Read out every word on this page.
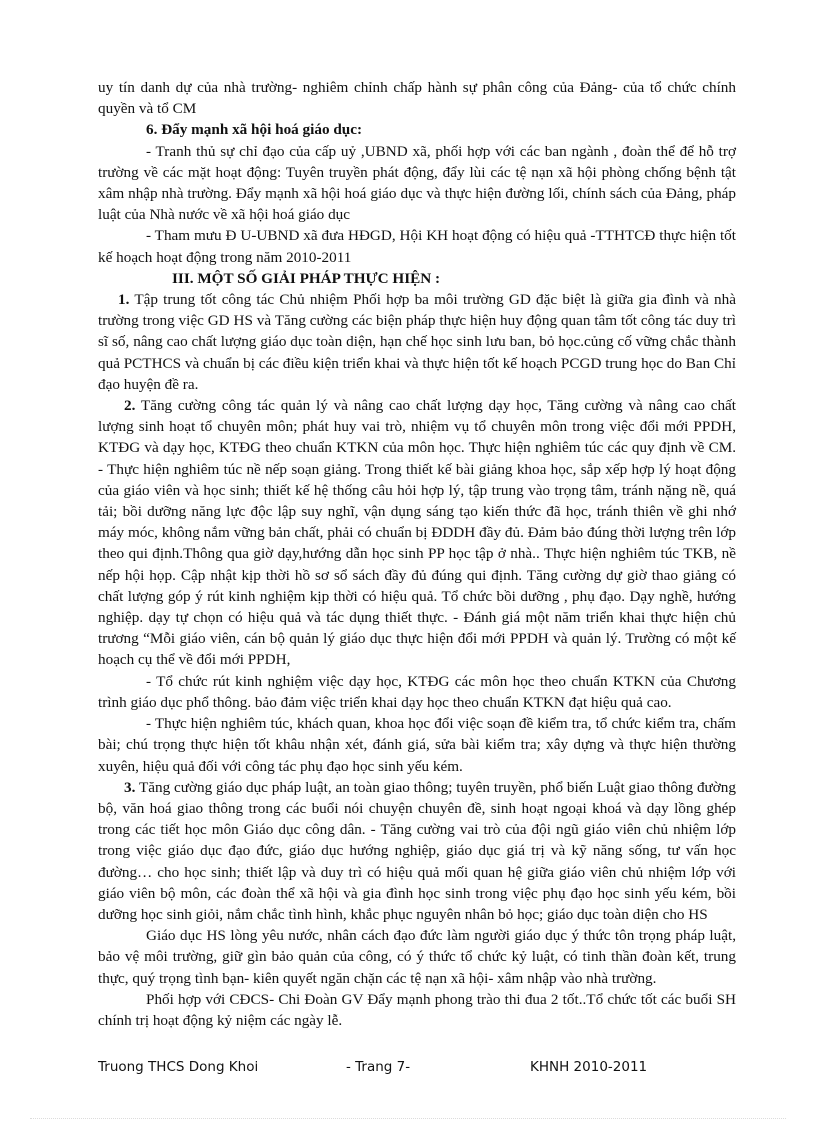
uy tín danh dự của nhà trường- nghiêm chỉnh chấp hành sự phân công của Đảng- của tổ chức chính quyền và tổ CM

6. Đẩy mạnh xã hội hoá giáo dục:

- Tranh thủ sự chỉ đạo của cấp uỷ ,UBND xã, phối hợp với các ban ngành , đoàn thể để hỗ trợ trường về các mặt hoạt động: Tuyên truyền phát động, đẩy lùi các tệ nạn xã hội phòng chống bệnh tật xâm nhập nhà trường. Đẩy mạnh xã hội hoá giáo dục và thực hiện đường lối, chính sách của Đảng, pháp luật của Nhà nước về xã hội hoá giáo dục

- Tham mưu Đ U-UBND xã đưa HĐGD, Hội KH hoạt động có hiệu quả -TTHTCĐ thực hiện tốt kế hoạch hoạt động trong năm 2010-2011

III. MỘT SỐ GIẢI PHÁP THỰC HIỆN :

1. Tập trung tốt công tác Chủ nhiệm Phối hợp ba môi trường GD đặc biệt là giữa gia đình và nhà trường trong việc GD HS và Tăng cường các biện pháp thực hiện huy động quan tâm tốt công tác duy trì sĩ số, nâng cao chất lượng giáo dục toàn diện, hạn chế học sinh lưu ban, bỏ học.củng cố vững chắc thành quả PCTHCS và chuẩn bị các điều kiện triển khai và thực hiện tốt kế hoạch PCGD trung học do Ban Chỉ đạo huyện đề ra.

2. Tăng cường công tác quản lý và nâng cao chất lượng dạy học, Tăng cường và nâng cao chất lượng sinh hoạt tổ chuyên môn; phát huy vai trò, nhiệm vụ tổ chuyên môn trong việc đổi mới PPDH, KTĐG và dạy học, KTĐG theo chuẩn KTKN của môn học. Thực hiện nghiêm túc các quy định về CM. - Thực hiện nghiêm túc nề nếp soạn giảng. Trong thiết kế bài giảng khoa học, sắp xếp hợp lý hoạt động của giáo viên và học sinh; thiết kế hệ thống câu hỏi hợp lý, tập trung vào trọng tâm, tránh nặng nề, quá tải; bồi dưỡng năng lực độc lập suy nghĩ, vận dụng sáng tạo kiến thức đã học, tránh thiên về ghi nhớ máy móc, không nắm vững bản chất, phải có chuẩn bị ĐDDH đầy đủ. Đảm bảo đúng thời lượng trên lớp theo qui định.Thông qua giờ dạy,hướng dẫn học sinh PP học tập ở nhà.. Thực hiện nghiêm túc TKB, nề nếp hội họp. Cập nhật kịp thời hồ sơ sổ sách đầy đủ đúng qui định. Tăng cường dự giờ thao giảng có chất lượng góp ý rút kinh nghiệm kịp thời có hiệu quả. Tổ chức bồi dưỡng , phụ đạo. Dạy nghề, hướng nghiệp. dạy tự chọn có hiệu quả và tác dụng thiết thực. - Đánh giá một năm triển khai thực hiện chủ trương “Mỗi giáo viên, cán bộ quản lý giáo dục thực hiện đổi mới PPDH và quản lý. Trường có một kế hoạch cụ thể về đổi mới PPDH,

- Tổ chức rút kinh nghiệm việc dạy học, KTĐG các môn học theo chuẩn KTKN của Chương trình giáo dục phổ thông. bảo đảm việc triển khai dạy học theo chuẩn KTKN đạt hiệu quả cao.

- Thực hiện nghiêm túc, khách quan, khoa học đổi việc soạn đề kiểm tra, tổ chức kiểm tra, chấm bài; chú trọng thực hiện tốt khâu nhận xét, đánh giá, sửa bài kiểm tra; xây dựng và thực hiện thường xuyên, hiệu quả đối với công tác phụ đạo học sinh yếu kém.

3. Tăng cường giáo dục pháp luật, an toàn giao thông; tuyên truyền, phổ biến Luật giao thông đường bộ, văn hoá giao thông trong các buổi nói chuyện chuyên đề, sinh hoạt ngoại khoá và dạy lồng ghép trong các tiết học môn Giáo dục công dân. - Tăng cường vai trò của đội ngũ giáo viên chủ nhiệm lớp trong việc giáo dục đạo đức, giáo dục hướng nghiệp, giáo dục giá trị và kỹ năng sống, tư vấn học đường… cho học sinh; thiết lập và duy trì có hiệu quả mối quan hệ giữa giáo viên chủ nhiệm lớp với giáo viên bộ môn, các đoàn thể xã hội và gia đình học sinh trong việc phụ đạo học sinh yếu kém, bồi dưỡng học sinh giỏi, nắm chắc tình hình, khắc phục nguyên nhân bỏ học; giáo dục toàn diện cho HS

Giáo dục HS lòng yêu nước, nhân cách đạo đức làm người giáo dục ý thức tôn trọng pháp luật, bảo vệ môi trường, giữ gìn bảo quản của công, có ý thức tổ chức kỷ luật, có tinh thần đoàn kết, trung thực, quý trọng tình bạn- kiên quyết ngăn chặn các tệ nạn xã hội- xâm nhập vào nhà trường.

Phối hợp với CĐCS- Chi Đoàn GV Đẩy mạnh phong trào thi đua 2 tốt..Tổ chức tốt các buổi SH chính trị hoạt động kỷ niệm các ngày lễ.

Truong THCS Dong Khoi	- Trang 7-	KHNH 2010-2011
